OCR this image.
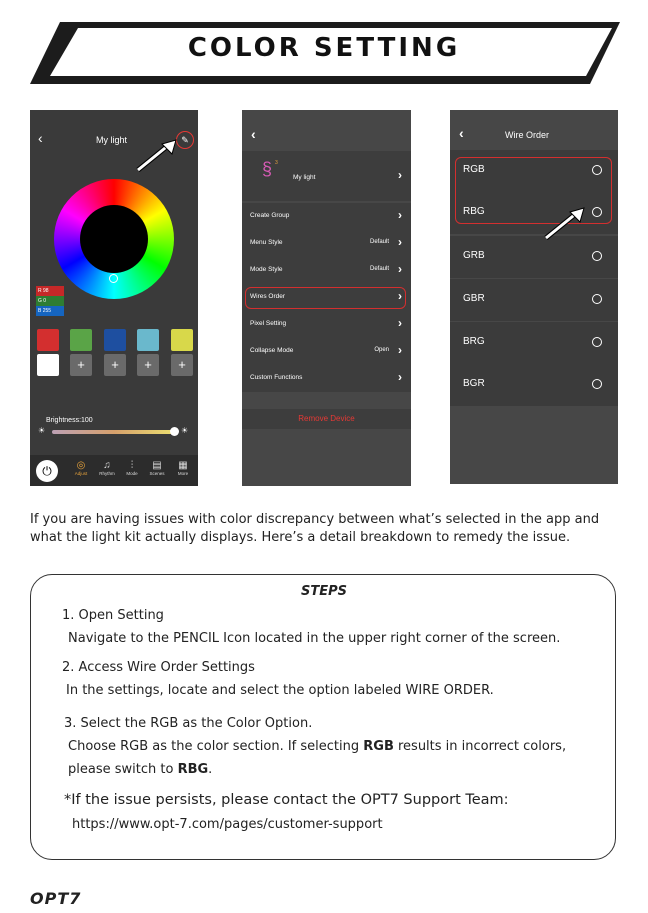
COLOR SETTING
‹	My light	✎
R 98
G 0
B 255
+	+	+	+
Brightness:100
☀	☀
⏻	◎
Adjust
♫
Rhythm
⫶
Mode
▤
Scenes
▦
More
‹
§ 3
My light	›
Create Group	›
Menu Style	Default ›
Mode Style	Default ›
Wires Order	›
Pixel Setting	›
Collapse Mode	Open ›
Custom Functions	›
Remove Device
‹	Wire Order
RGB
RBG
GRB
GBR
BRG
BGR
If you are having issues with color discrepancy between what’s selected in the app and
what the light kit actually displays. Here’s a detail breakdown to remedy the issue.
STEPS
1. Open Setting
Navigate to the PENCIL Icon located in the upper right corner of the screen.
2. Access Wire Order Settings
In the settings, locate and select the option labeled WIRE ORDER.
3. Select the RGB as the Color Option.
Choose RGB as the color section. If selecting RGB results in incorrect colors,
please switch to RBG.
*If the issue persists, please contact the OPT7 Support Team:
https://www.opt-7.com/pages/customer-support
OPT7
